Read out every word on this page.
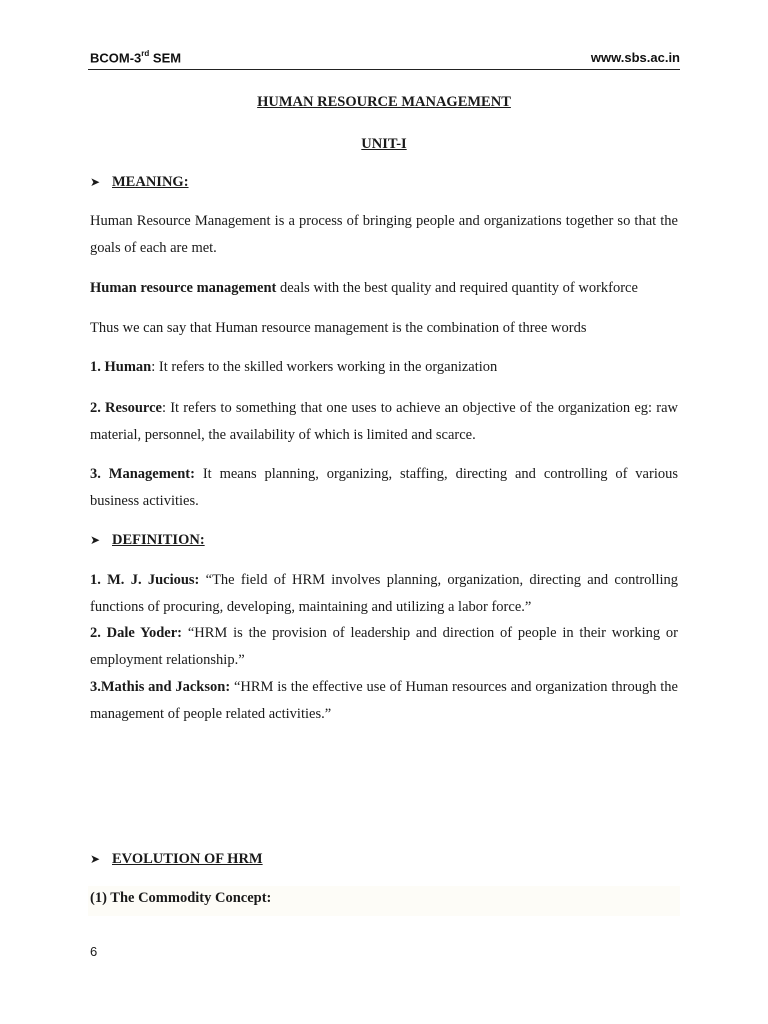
BCOM-3rd SEM	www.sbs.ac.in
HUMAN RESOURCE MANAGEMENT
UNIT-I
➤ MEANING:
Human Resource Management is a process of bringing people and organizations together so that the goals of each are met.
Human resource management deals with the best quality and required quantity of workforce
Thus we can say that Human resource management is the combination of three words
1. Human: It refers to the skilled workers working in the organization
2. Resource: It refers to something that one uses to achieve an objective of the organization eg: raw material, personnel, the availability of which is limited and scarce.
3. Management: It means planning, organizing, staffing, directing and controlling of various business activities.
➤ DEFINITION:
1. M. J. Jucious: “The field of HRM involves planning, organization, directing and controlling functions of procuring, developing, maintaining and utilizing a labor force.”
2. Dale Yoder: “HRM is the provision of leadership and direction of people in their working or employment relationship.”
3.Mathis and Jackson: “HRM is the effective use of Human resources and organization through the management of people related activities.”
➤ EVOLUTION OF HRM
(1) The Commodity Concept:
6
